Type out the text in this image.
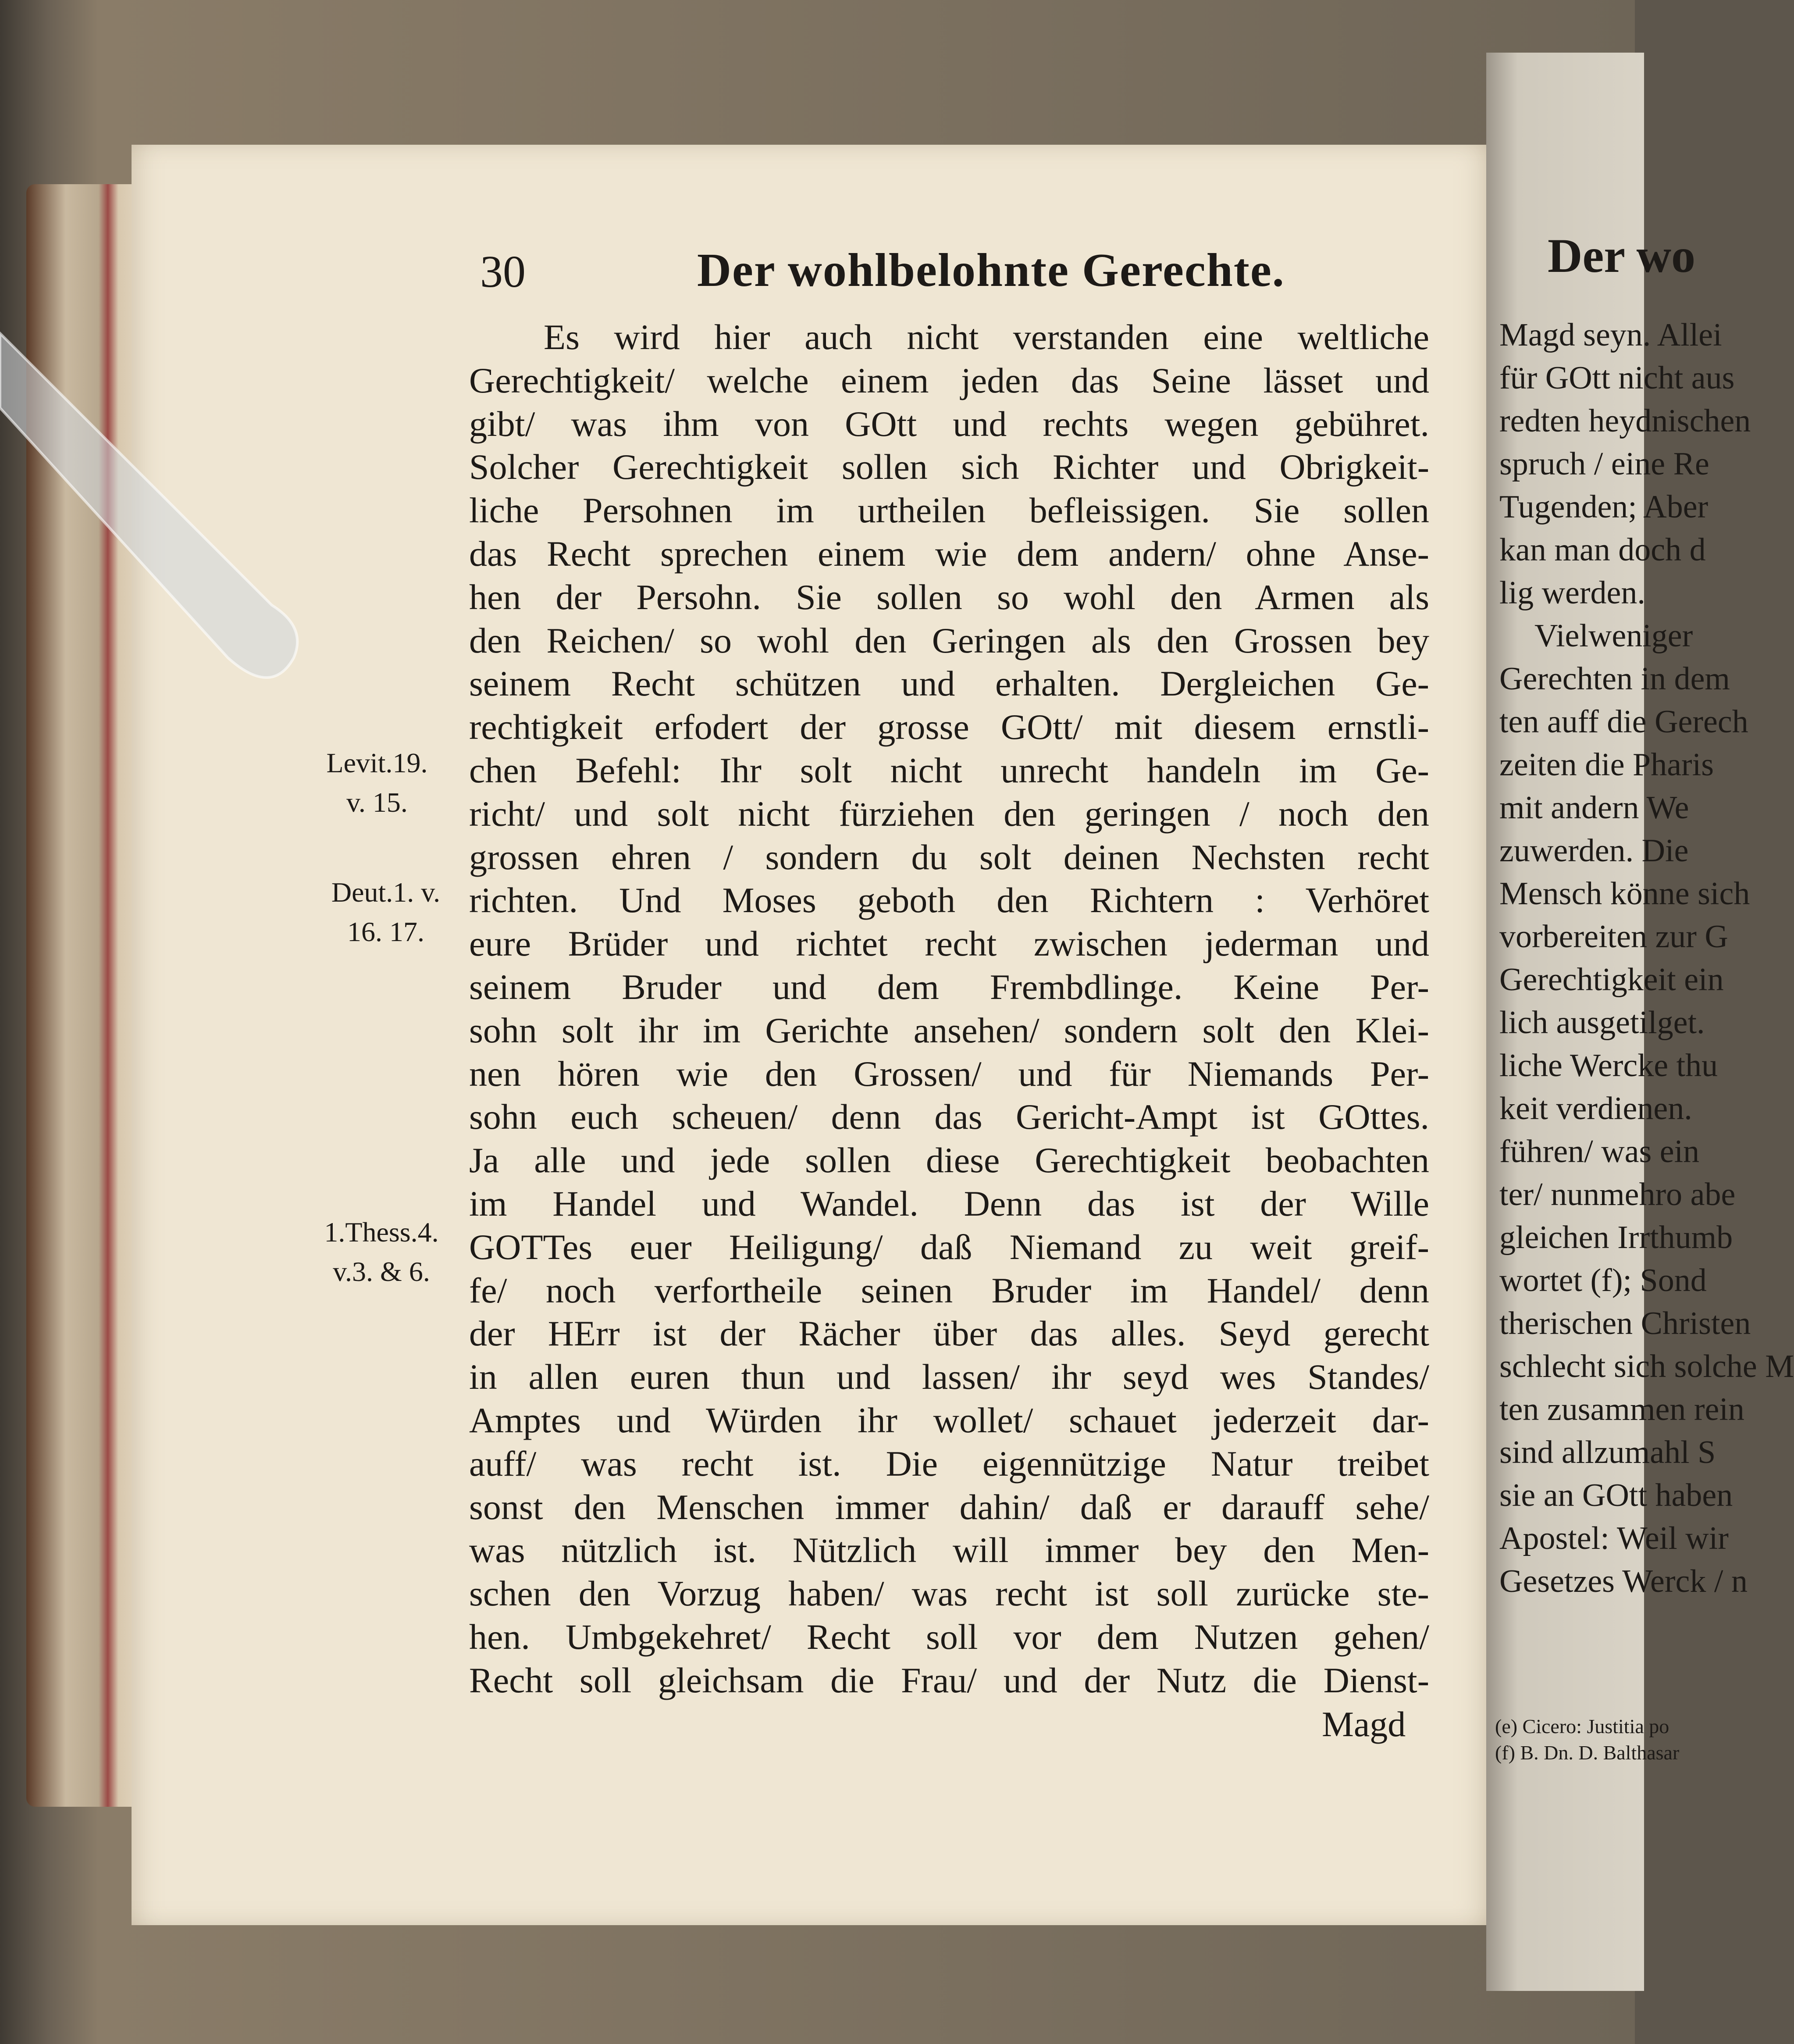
30	Der wohlbelohnte Gerechte.
Es wird hier auch nicht verstanden eine weltliche
Gerechtigkeit/ welche einem jeden das Seine lässet und
gibt/ was ihm von GOtt und rechts wegen gebühret.
Solcher Gerechtigkeit sollen sich Richter und Obrigkeit-
liche Persohnen im urtheilen befleissigen. Sie sollen
das Recht sprechen einem wie dem andern/ ohne Anse-
hen der Persohn. Sie sollen so wohl den Armen als
den Reichen/ so wohl den Geringen als den Grossen bey
seinem Recht schützen und erhalten. Dergleichen Ge-
rechtigkeit erfodert der grosse GOtt/ mit diesem ernstli-
chen Befehl: Ihr solt nicht unrecht handeln im Ge-
richt/ und solt nicht fürziehen den geringen / noch den
grossen ehren / sondern du solt deinen Nechsten recht
richten. Und Moses geboth den Richtern : Verhöret
eure Brüder und richtet recht zwischen jederman und
seinem Bruder und dem Frembdlinge. Keine Per-
sohn solt ihr im Gerichte ansehen/ sondern solt den Klei-
nen hören wie den Grossen/ und für Niemands Per-
sohn euch scheuen/ denn das Gericht-Ampt ist GOttes.
Ja alle und jede sollen diese Gerechtigkeit beobachten
im Handel und Wandel. Denn das ist der Wille
GOTTes euer Heiligung/ daß Niemand zu weit greif-
fe/ noch verfortheile seinen Bruder im Handel/ denn
der HErr ist der Rächer über das alles. Seyd gerecht
in allen euren thun und lassen/ ihr seyd wes Standes/
Amptes und Würden ihr wollet/ schauet jederzeit dar-
auff/ was recht ist. Die eigennützige Natur treibet
sonst den Menschen immer dahin/ daß er darauff sehe/
was nützlich ist. Nützlich will immer bey den Men-
schen den Vorzug haben/ was recht ist soll zurücke ste-
hen. Umbgekehret/ Recht soll vor dem Nutzen gehen/
Recht soll gleichsam die Frau/ und der Nutz die Dienst-
Magd
Levit.19.
v. 15.
Deut.1. v.
16. 17.
1.Thess.4.
v.3. & 6.
Der wo
Magd seyn. Allei
für GOtt nicht aus
redten heydnischen
spruch / eine Re
Tugenden; Aber
kan man doch d
lig werden.
Vielweniger
Gerechten in dem
ten auff die Gerech
zeiten die Pharis
mit andern We
zuwerden. Die
Mensch könne sich
vorbereiten zur G
Gerechtigkeit ein
lich ausgetilget.
liche Wercke thu
keit verdienen.
führen/ was ein
ter/ nunmehro abe
gleichen Irrthumb
wortet (f); Sond
therischen Christen
schlecht sich solche M
ten zusammen rein
sind allzumahl S
sie an GOtt haben
Apostel: Weil wir
Gesetzes Werck / n
(e) Cicero: Justitia po
(f) B. Dn. D. Balthasar
